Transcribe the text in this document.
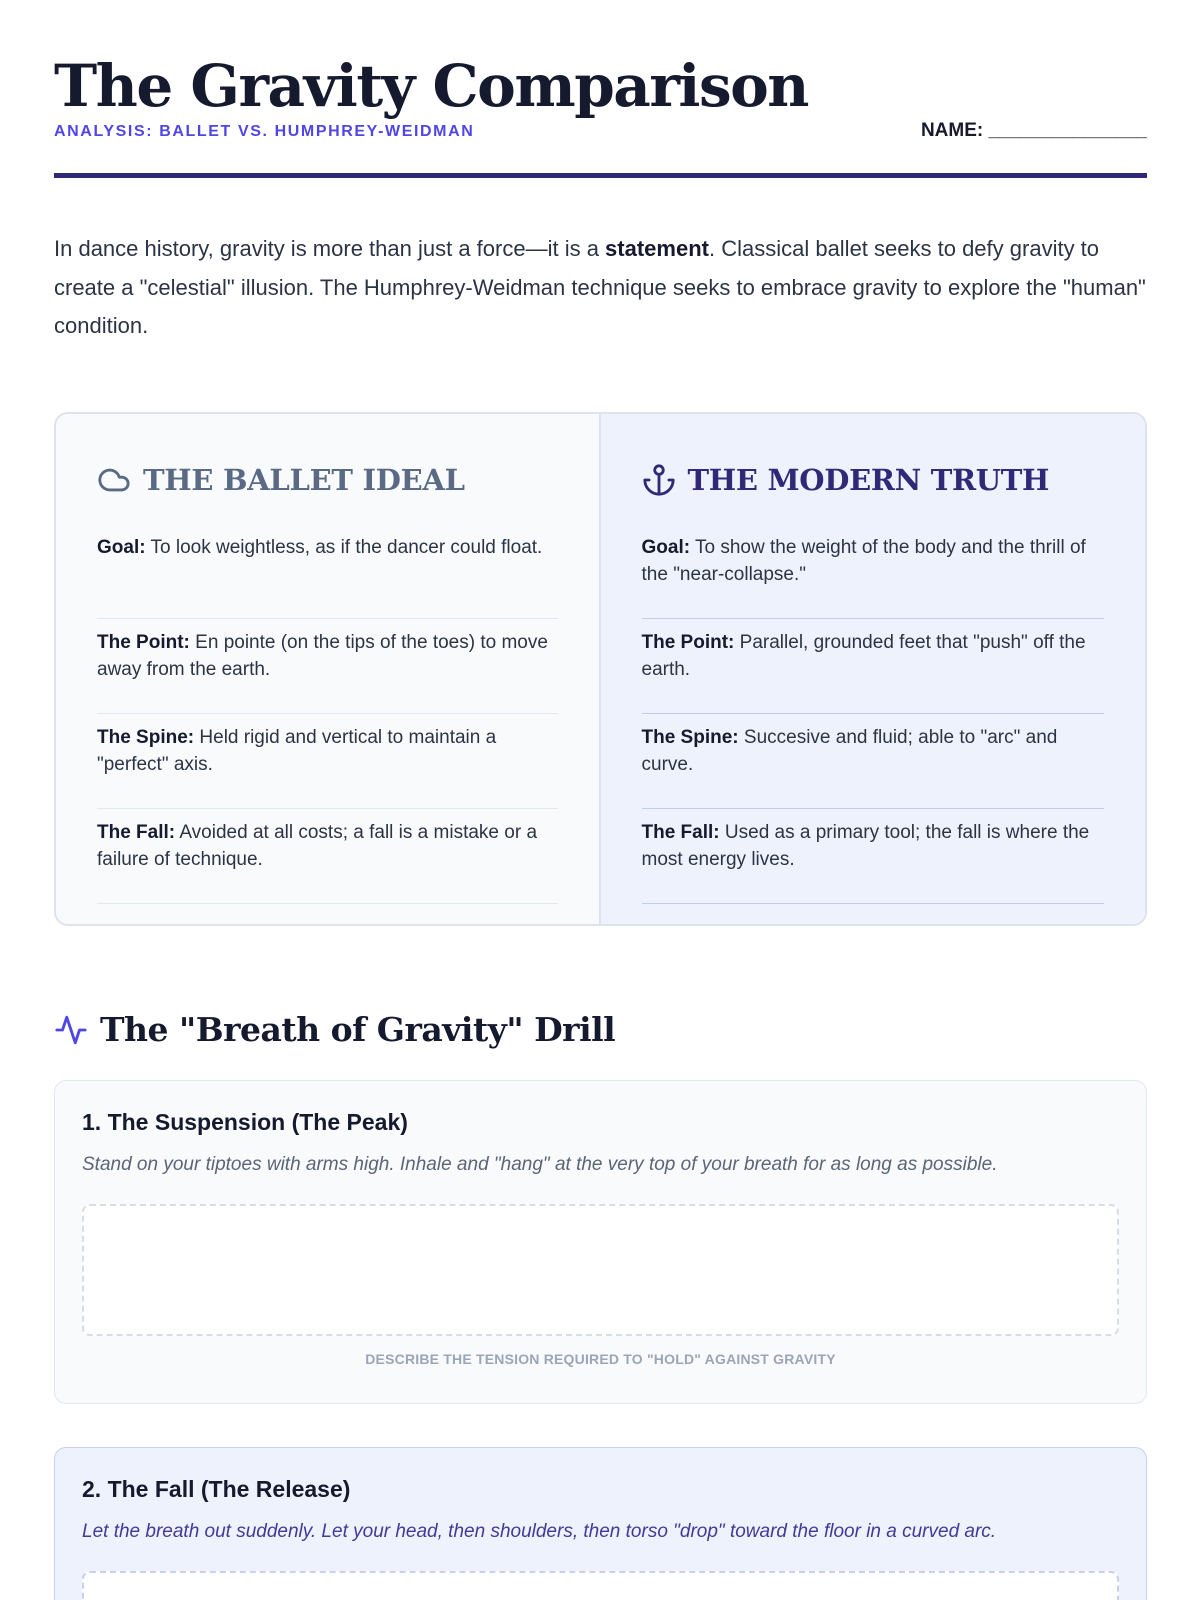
The Gravity Comparison
ANALYSIS: BALLET VS. HUMPHREY-WEIDMAN	NAME: _______________

In dance history, gravity is more than just a force—it is a statement. Classical ballet seeks to defy gravity to create a "celestial" illusion. The Humphrey-Weidman technique seeks to embrace gravity to explore the "human" condition.

THE BALLET IDEAL
Goal: To look weightless, as if the dancer could float.
The Point: En pointe (on the tips of the toes) to move away from the earth.
The Spine: Held rigid and vertical to maintain a "perfect" axis.
The Fall: Avoided at all costs; a fall is a mistake or a failure of technique.
THE MODERN TRUTH
Goal: To show the weight of the body and the thrill of the "near-collapse."
The Point: Parallel, grounded feet that "push" off the earth.
The Spine: Succesive and fluid; able to "arc" and curve.
The Fall: Used as a primary tool; the fall is where the most energy lives.
The "Breath of Gravity" Drill
1. The Suspension (The Peak)
Stand on your tiptoes with arms high. Inhale and "hang" at the very top of your breath for as long as possible.
DESCRIBE THE TENSION REQUIRED TO "HOLD" AGAINST GRAVITY
2. The Fall (The Release)
Let the breath out suddenly. Let your head, then shoulders, then torso "drop" toward the floor in a curved arc.
